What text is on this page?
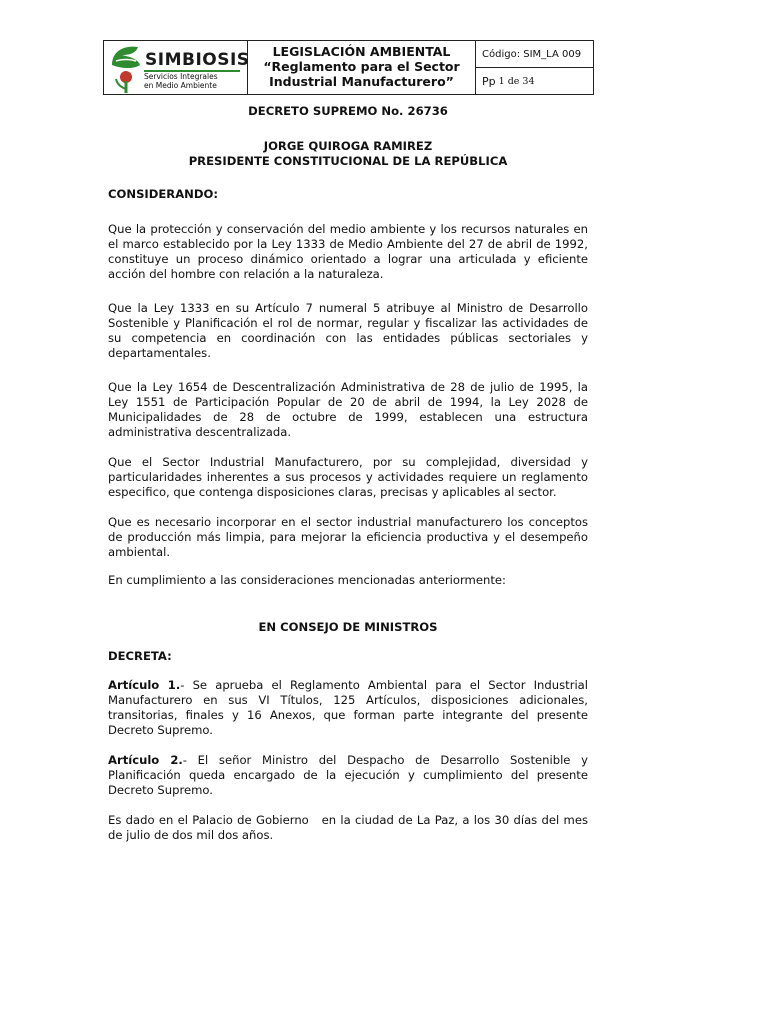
SIMBIOSIS
Servicios Integrales
en Medio Ambiente
LEGISLACIÓN AMBIENTAL
“Reglamento para el Sector
Industrial Manufacturero”
Código: SIM_LA 009
Pp 1 de 34
DECRETO SUPREMO No. 26736
JORGE QUIROGA RAMIREZ
PRESIDENTE CONSTITUCIONAL DE LA REPÚBLICA
CONSIDERANDO:

Que la protección y conservación del medio ambiente y los recursos naturales en el marco establecido por la Ley 1333 de Medio Ambiente del 27 de abril de 1992, constituye un proceso dinámico orientado a lograr una articulada y eficiente acción del hombre con relación a la naturaleza.

Que la Ley 1333 en su Artículo 7 numeral 5 atribuye al Ministro de Desarrollo Sostenible y Planificación el rol de normar, regular y fiscalizar las actividades de su competencia en coordinación con las entidades públicas sectoriales y departamentales.

Que la Ley 1654 de Descentralización Administrativa de 28 de julio de 1995, la Ley 1551 de Participación Popular de 20 de abril de 1994, la Ley 2028 de Municipalidades de 28 de octubre de 1999, establecen una estructura administrativa descentralizada.

Que el Sector Industrial Manufacturero, por su complejidad, diversidad y particularidades inherentes a sus procesos y actividades requiere un reglamento especifico, que contenga disposiciones claras, precisas y aplicables al sector.

Que es necesario incorporar en el sector industrial manufacturero los conceptos de producción más limpia, para mejorar la eficiencia productiva y el desempeño ambiental.

En cumplimiento a las consideraciones mencionadas anteriormente:

EN CONSEJO DE MINISTROS
DECRETA:

Artículo 1.- Se aprueba el Reglamento Ambiental para el Sector Industrial Manufacturero en sus VI Títulos, 125 Artículos, disposiciones adicionales, transitorias, finales y 16 Anexos, que forman parte integrante del presente Decreto Supremo.

Artículo 2.- El señor Ministro del Despacho de Desarrollo Sostenible y Planificación queda encargado de la ejecución y cumplimiento del presente Decreto Supremo.

Es dado en el Palacio de Gobierno   en la ciudad de La Paz, a los 30 días del mes de julio de dos mil dos años.
